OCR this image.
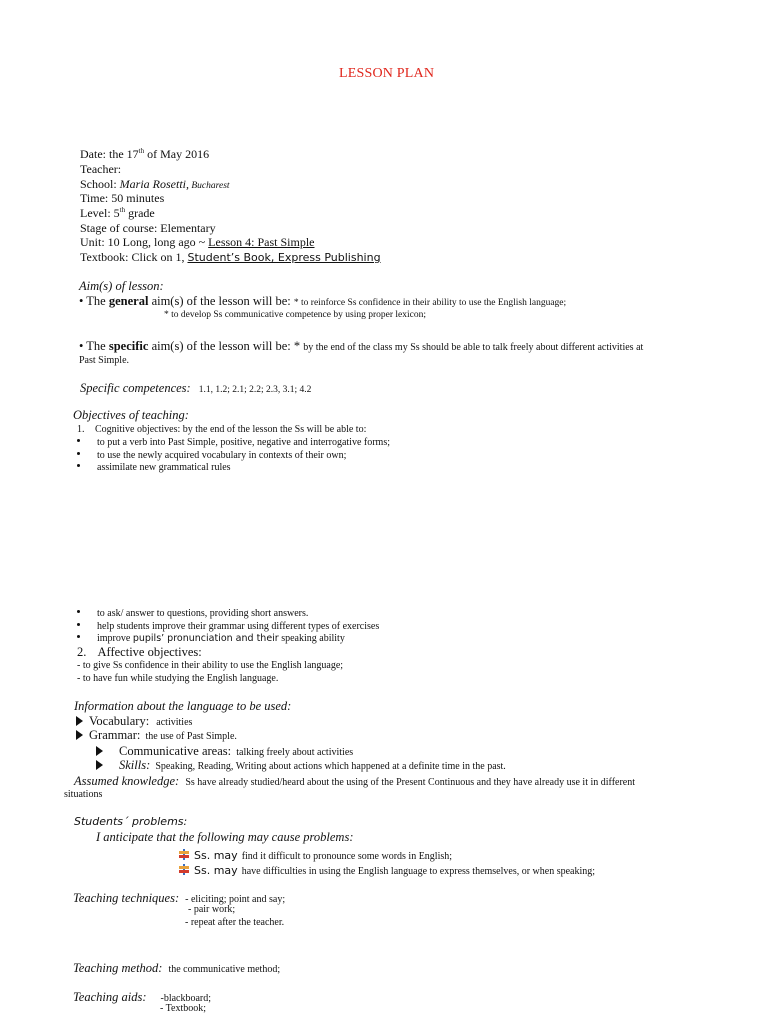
LESSON PLAN
Date: the 17th of May 2016
Teacher:
School: Maria Rosetti, Bucharest
Time: 50 minutes
Level: 5th grade
Stage of course: Elementary
Unit: 10 Long, long ago ~ Lesson 4: Past Simple
Textbook: Click on 1, Student’s Book, Express Publishing
Aim(s) of lesson:
• The general aim(s) of the lesson will be: * to reinforce Ss confidence in their ability to use the English language;
* to develop Ss communicative competence by using proper lexicon;
• The specific aim(s) of the lesson will be: * by the end of the class my Ss should be able to talk freely about different activities at
Past Simple.
Specific competences: 1.1, 1.2; 2.1; 2.2; 2.3, 3.1; 4.2
Objectives of teaching:
1. Cognitive objectives: by the end of the lesson the Ss will be able to:
to put a verb into Past Simple, positive, negative and interrogative forms;
to use the newly acquired vocabulary in contexts of their own;
assimilate new grammatical rules
to ask/ answer to questions, providing short answers.
help students improve their grammar using different types of exercises
improve pupils’ pronunciation and their speaking ability
2. Affective objectives:
- to give Ss confidence in their ability to use the English language;
- to have fun while studying the English language.
Information about the language to be used:
Vocabulary: activities
Grammar: the use of Past Simple.
Communicative areas: talking freely about activities
Skills: Speaking, Reading, Writing about actions which happened at a definite time in the past.
Assumed knowledge: Ss have already studied/heard about the using of the Present Continuous and they have already use it in different
situations
Students´ problems:
I anticipate that the following may cause problems:
Ss. may find it difficult to pronounce some words in English;
Ss. may have difficulties in using the English language to express themselves, or when speaking;
Teaching techniques: - eliciting; point and say;
- pair work;
- repeat after the teacher.
Teaching method: the communicative method;
Teaching aids: -blackboard;
- Textbook;
